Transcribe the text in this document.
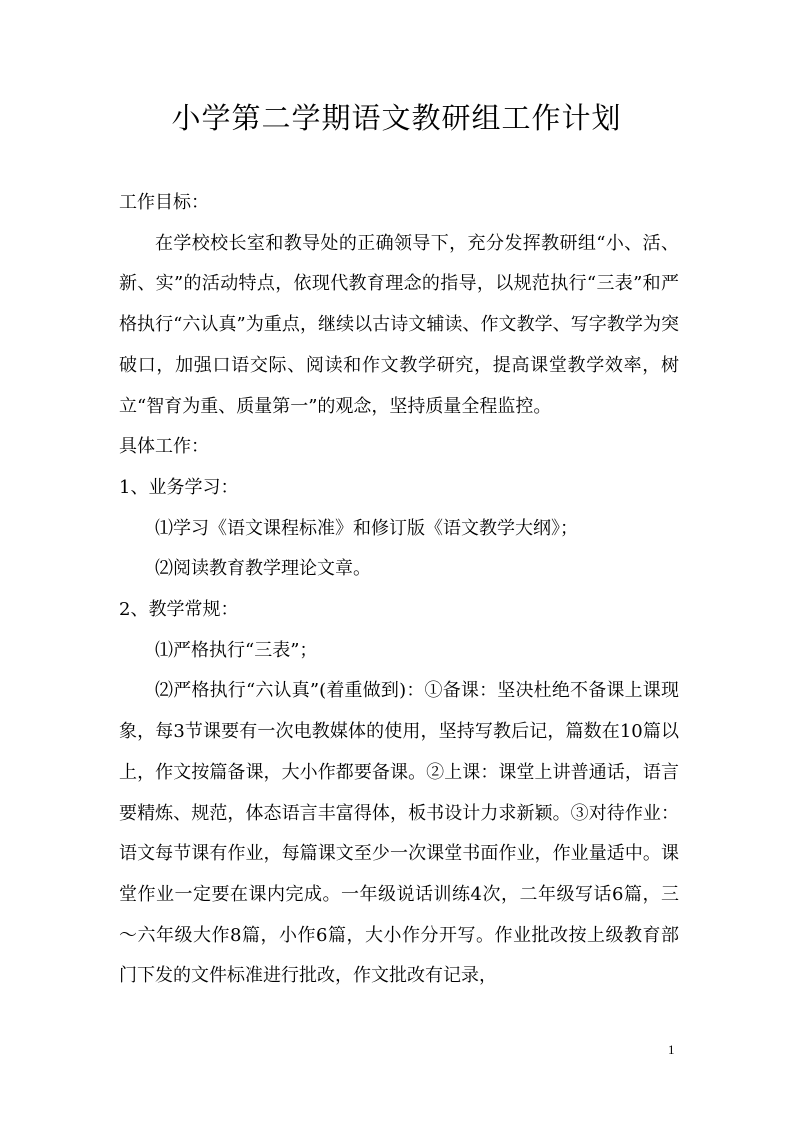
小学第二学期语文教研组工作计划

工作目标：

在学校校长室和教导处的正确领导下，充分发挥教研组“小、活、新、实”的活动特点，依现代教育理念的指导，以规范执行“三表”和严格执行“六认真”为重点，继续以古诗文辅读、作文教学、写字教学为突破口，加强口语交际、阅读和作文教学研究，提高课堂教学效率，树立“智育为重、质量第一”的观念，坚持质量全程监控。

具体工作：

1、业务学习：

⑴学习《语文课程标准》和修订版《语文教学大纲》；

⑵阅读教育教学理论文章。

2、教学常规：

⑴严格执行“三表”；

⑵严格执行“六认真”(着重做到)：①备课：坚决杜绝不备课上课现象，每3节课要有一次电教媒体的使用，坚持写教后记，篇数在10篇以上，作文按篇备课，大小作都要备课。②上课：课堂上讲普通话，语言要精炼、规范，体态语言丰富得体，板书设计力求新颖。③对待作业：语文每节课有作业，每篇课文至少一次课堂书面作业，作业量适中。课堂作业一定要在课内完成。一年级说话训练4次，二年级写话6篇，三～六年级大作8篇，小作6篇，大小作分开写。作业批改按上级教育部门下发的文件标准进行批改，作文批改有记录，

1
